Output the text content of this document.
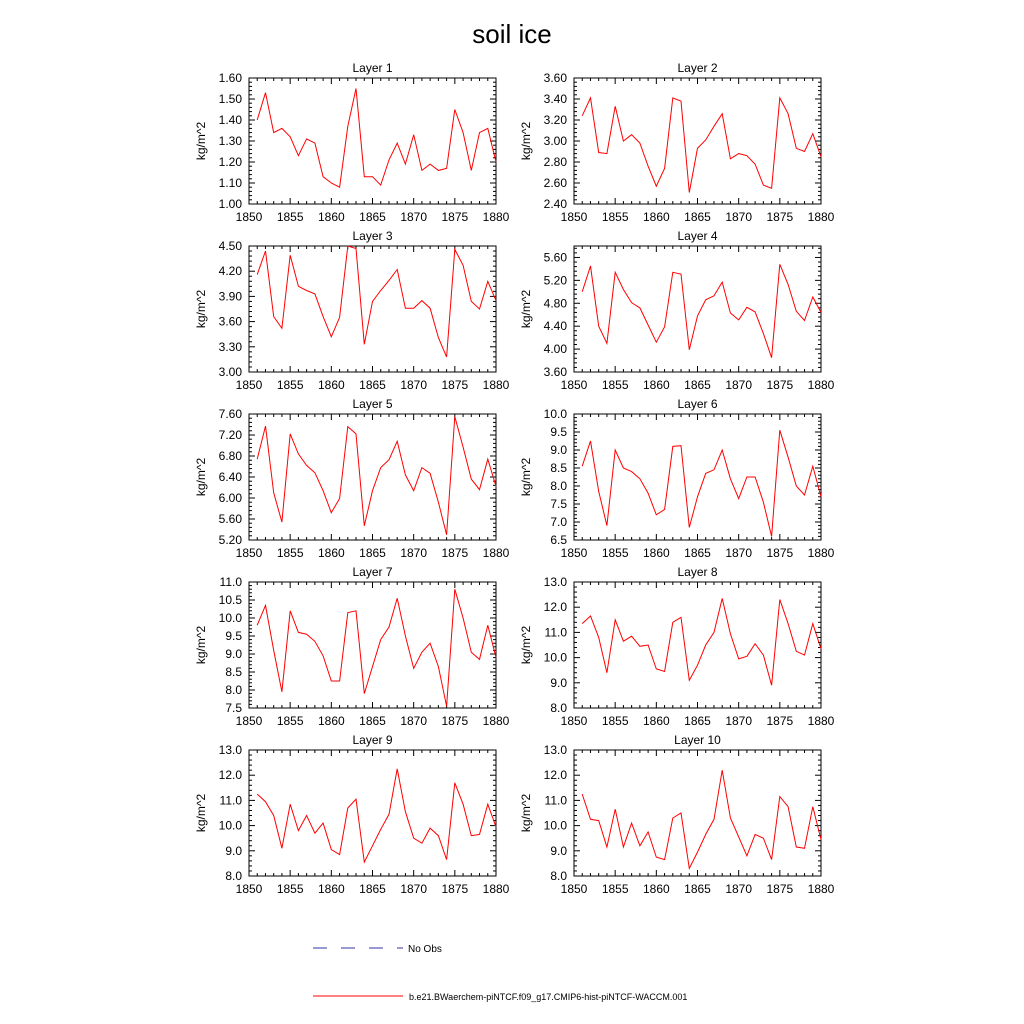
soil ice
Layer 1
kg/m^2
1850 1855 1860 1865 1870 1875 1880
1.00
1.10
1.20
1.30
1.40
1.50
1.60
Layer 2
kg/m^2
1850 1855 1860 1865 1870 1875 1880
2.40
2.60
2.80
3.00
3.20
3.40
3.60
Layer 3
kg/m^2
1850 1855 1860 1865 1870 1875 1880
3.00
3.30
3.60
3.90
4.20
4.50
Layer 4
kg/m^2
1850 1855 1860 1865 1870 1875 1880
3.60
4.00
4.40
4.80
5.20
5.60
Layer 5
kg/m^2
1850 1855 1860 1865 1870 1875 1880
5.20
5.60
6.00
6.40
6.80
7.20
7.60
Layer 6
kg/m^2
1850 1855 1860 1865 1870 1875 1880
6.5
7.0
7.5
8.0
8.5
9.0
9.5
10.0
Layer 7
kg/m^2
1850 1855 1860 1865 1870 1875 1880
7.5
8.0
8.5
9.0
9.5
10.0
10.5
11.0
Layer 8
kg/m^2
1850 1855 1860 1865 1870 1875 1880
8.0
9.0
10.0
11.0
12.0
13.0
Layer 9
kg/m^2
1850 1855 1860 1865 1870 1875 1880
8.0
9.0
10.0
11.0
12.0
13.0
Layer 10
kg/m^2
1850 1855 1860 1865 1870 1875 1880
8.0
9.0
10.0
11.0
12.0
13.0
No Obs
b.e21.BWaerchem-piNTCF.f09_g17.CMIP6-hist-piNTCF-WACCM.001
